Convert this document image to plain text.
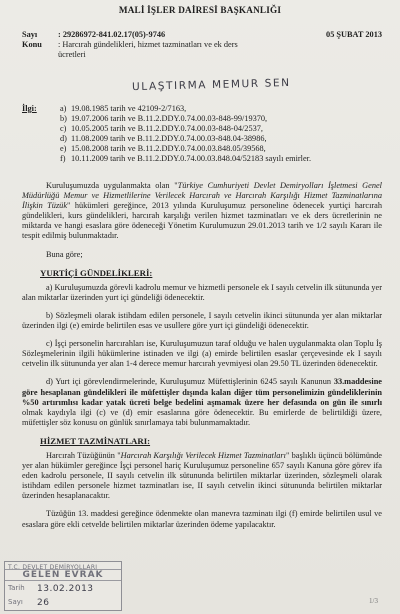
MALİ İŞLER DAİRESİ BAŞKANLIĞI
Sayı	: 29286972-841.02.17(05)-9746	05 ŞUBAT 2013
Konu : Harcırah gündelikleri, hizmet tazminatları ve ek ders ücretleri
ULAŞTIRMA MEMUR SEN
İlgi:	a) 19.08.1985 tarih ve 42109-2/7163,
b) 19.07.2006 tarih ve B.11.2.DDY.0.74.00.03-848-99/19370,
c) 10.05.2005 tarih ve B.11.2.DDY.0.74.00.03-848-04/2537,
d) 11.08.2009 tarih ve B.11.2.DDY.0.74.00.03-848.04-38986,
e) 15.08.2008 tarih ve B.11.2.DDY.0.74.00.03.848.05/39568,
f) 10.11.2009 tarih ve B.11.2.DDY.0.74.00.03.848.04/52183 sayılı emirler.

Kuruluşumuzda uygulanmakta olan "Türkiye Cumhuriyeti Devlet Demiryolları İşletmesi Genel Müdürlüğü Memur ve Hizmetlilerine Verilecek Harcırah ve Harcırah Karşılığı Hizmet Tazminatlarına İlişkin Tüzük" hükümleri gereğince, 2013 yılında Kuruluşumuz personeline ödenecek yurtiçi harcırah gündelikleri, kurs gündelikleri, harcırah karşılığı verilen hizmet tazminatları ve ek ders ücretlerinin ne miktarda ve hangi esaslara göre ödeneceği Yönetim Kurulumuzun 29.01.2013 tarih ve 1/2 sayılı Kararı ile tespit edilmiş bulunmaktadır.

Buna göre;

YURTİÇİ GÜNDELİKLERİ:

a) Kuruluşumuzda görevli kadrolu memur ve hizmetli personele ek I sayılı cetvelin ilk sütununda yer alan miktarlar üzerinden yurt içi gündeliği ödenecektir.

b) Sözleşmeli olarak istihdam edilen personele, I sayılı cetvelin ikinci sütununda yer alan miktarlar üzerinden ilgi (e) emirde belirtilen esas ve usullere göre yurt içi gündeliği ödenecektir.

c) İşçi personelin harcırahları ise, Kuruluşumuzun taraf olduğu ve halen uygulanmakta olan Toplu İş Sözleşmelerinin ilgili hükümlerine istinaden ve ilgi (a) emirde belirtilen esaslar çerçevesinde ek I sayılı cetvelin ilk sütununda yer alan 1-4 derece memur harcırah yevmiyesi olan 29.50 TL üzerinden ödenecektir.

d) Yurt içi görevlendirmelerinde, Kuruluşumuz Müfettişlerinin 6245 sayılı Kanunun 33.maddesine göre hesaplanan gündelikleri ile müfettişler dışında kalan diğer tüm personelimizin gündeliklerinin %50 artırımlısı kadar yatak ücreti belge bedelini aşmamak üzere her defasında on gün ile sınırlı olmak kaydıyla ilgi (c) ve (d) emir esaslarına göre ödenecektir. Bu emirlerde de belirtildiği üzere, müfettişler söz konusu on günlük sınırlamaya tabi bulunmamaktadır.

HİZMET TAZMİNATLARI:

Harcırah Tüzüğünün "Harcırah Karşılığı Verilecek Hizmet Tazminatları" başlıklı üçüncü bölümünde yer alan hükümler gereğince İşçi personel hariç Kuruluşumuz personeline 657 sayılı Kanuna göre görev ifa eden kadrolu personele, II sayılı cetvelin ilk sütununda belirtilen miktarlar üzerinden, sözleşmeli olarak istihdam edilen personele hizmet tazminatları ise, II sayılı cetvelin ikinci sütununda belirtilen miktarlar üzerinden hesaplanacaktır.

Tüzüğün 13. maddesi gereğince ödenmekte olan manevra tazminatı ilgi (f) emirde belirtilen usul ve esaslara göre ekli cetvelde belirtilen miktarlar üzerinden ödeme yapılacaktır.

T.C. DEVLET DEMİRYOLLARI
GELEN EVRAK
Tarih 13.02.2013
Sayı 26	1/3
